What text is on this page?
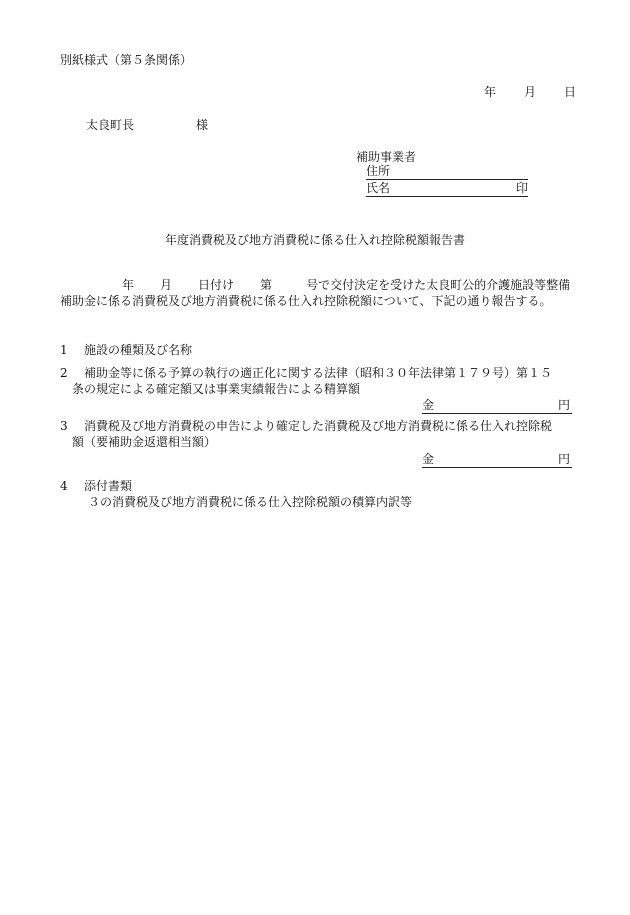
別紙様式（第５条関係）
年 月 日
太良町長	様
補助事業者
住所
氏名	印
年度消費税及び地方消費税に係る仕入れ控除税額報告書
年 月 日付け 第	号で交付決定を受けた太良町公的介護施設等整備補助金に係る消費税及び地方消費税に係る仕入れ控除税額について、下記の通り報告する。
1 施設の種類及び名称
2 補助金等に係る予算の執行の適正化に関する法律（昭和３０年法律第１７９号）第１５
条の規定による確定額又は事業実績報告による精算額
金	円
3 消費税及び地方消費税の申告により確定した消費税及び地方消費税に係る仕入れ控除税
額（要補助金返還相当額）
金	円
4 添付書類
３の消費税及び地方消費税に係る仕入控除税額の積算内訳等
